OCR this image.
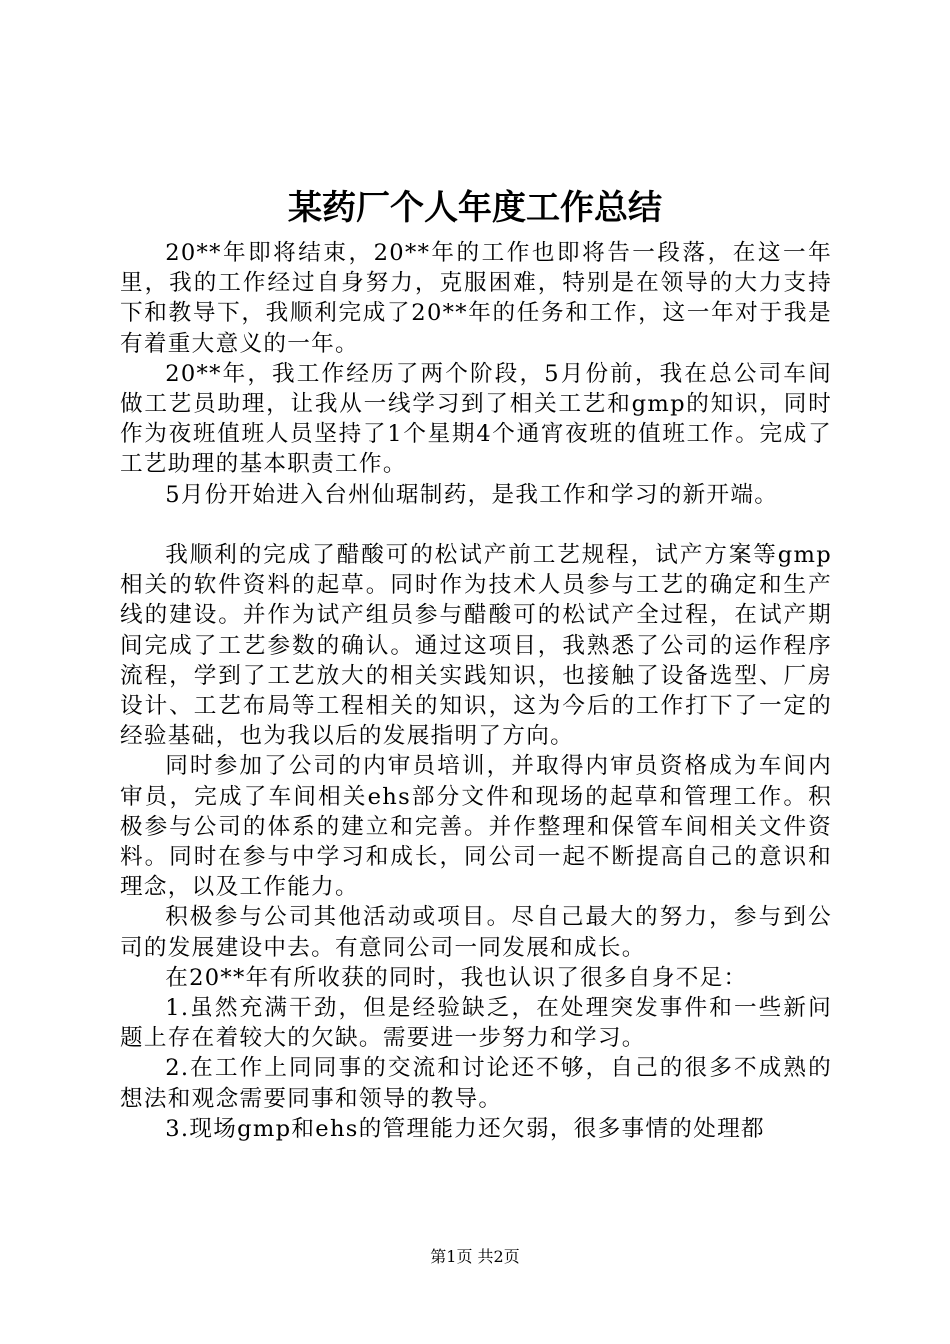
某药厂个人年度工作总结

20**年即将结束，20**年的工作也即将告一段落，在这一年里，我的工作经过自身努力，克服困难，特别是在领导的大力支持下和教导下，我顺利完成了20**年的任务和工作，这一年对于我是有着重大意义的一年。

20**年，我工作经历了两个阶段，5月份前，我在总公司车间做工艺员助理，让我从一线学习到了相关工艺和gmp的知识，同时作为夜班值班人员坚持了1个星期4个通宵夜班的值班工作。完成了工艺助理的基本职责工作。

5月份开始进入台州仙琚制药，是我工作和学习的新开端。

我顺利的完成了醋酸可的松试产前工艺规程，试产方案等gmp相关的软件资料的起草。同时作为技术人员参与工艺的确定和生产线的建设。并作为试产组员参与醋酸可的松试产全过程，在试产期间完成了工艺参数的确认。通过这项目，我熟悉了公司的运作程序流程，学到了工艺放大的相关实践知识，也接触了设备选型、厂房设计、工艺布局等工程相关的知识，这为今后的工作打下了一定的经验基础，也为我以后的发展指明了方向。

同时参加了公司的内审员培训，并取得内审员资格成为车间内审员，完成了车间相关ehs部分文件和现场的起草和管理工作。积极参与公司的体系的建立和完善。并作整理和保管车间相关文件资料。同时在参与中学习和成长，同公司一起不断提高自己的意识和理念，以及工作能力。

积极参与公司其他活动或项目。尽自己最大的努力，参与到公司的发展建设中去。有意同公司一同发展和成长。

在20**年有所收获的同时，我也认识了很多自身不足：

1.虽然充满干劲，但是经验缺乏，在处理突发事件和一些新问题上存在着较大的欠缺。需要进一步努力和学习。

2.在工作上同同事的交流和讨论还不够，自己的很多不成熟的想法和观念需要同事和领导的教导。

3.现场gmp和ehs的管理能力还欠弱，很多事情的处理都

第1页 共2页
